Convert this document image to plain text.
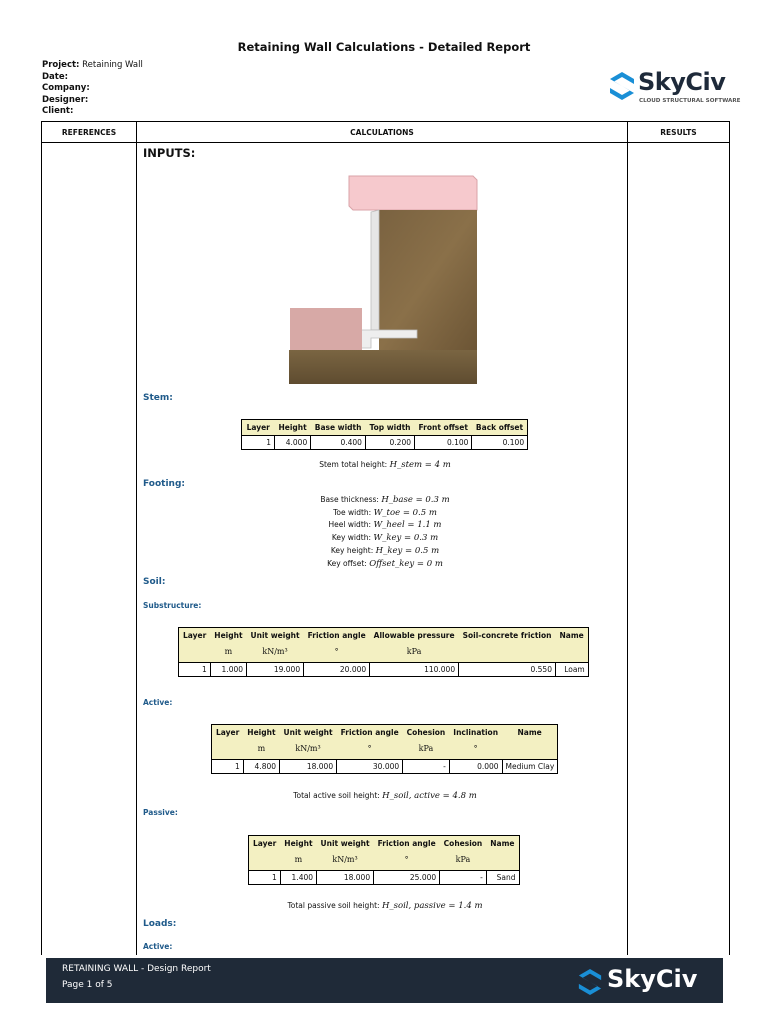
Retaining Wall Calculations - Detailed Report
Project: Retaining Wall
Date:
Company:
Designer:
Client:
SkyCiv
CLOUD STRUCTURAL SOFTWARE
REFERENCES	CALCULATIONS	RESULTS
INPUTS:
Stem:
Layer	Height	Base width	Top width	Front offset	Back offset
1	4.000	0.400	0.200	0.100	0.100
Stem total height: H_stem = 4 m
Footing:
Base thickness: H_base = 0.3 m
Toe width: W_toe = 0.5 m
Heel width: W_heel = 1.1 m
Key width: W_key = 0.3 m
Key height: H_key = 0.5 m
Key offset: Offset_key = 0 m
Soil:
Substructure:
Layer	Height	Unit weight	Friction angle	Allowable pressure	Soil-concrete friction	Name
	m	kN/m³	°	kPa		
1	1.000	19.000	20.000	110.000	0.550	Loam
Active:
Layer	Height	Unit weight	Friction angle	Cohesion	Inclination	Name
	m	kN/m³	°	kPa	°	
1	4.800	18.000	30.000	-	0.000	Medium Clay
Total active soil height: H_soil, active = 4.8 m
Passive:
Layer	Height	Unit weight	Friction angle	Cohesion	Name
	m	kN/m³	°	kPa	
1	1.400	18.000	25.000	-	Sand
Total passive soil height: H_soil, passive = 1.4 m
Loads:
Active:
RETAINING WALL - Design Report
Page 1 of 5	SkyCiv
